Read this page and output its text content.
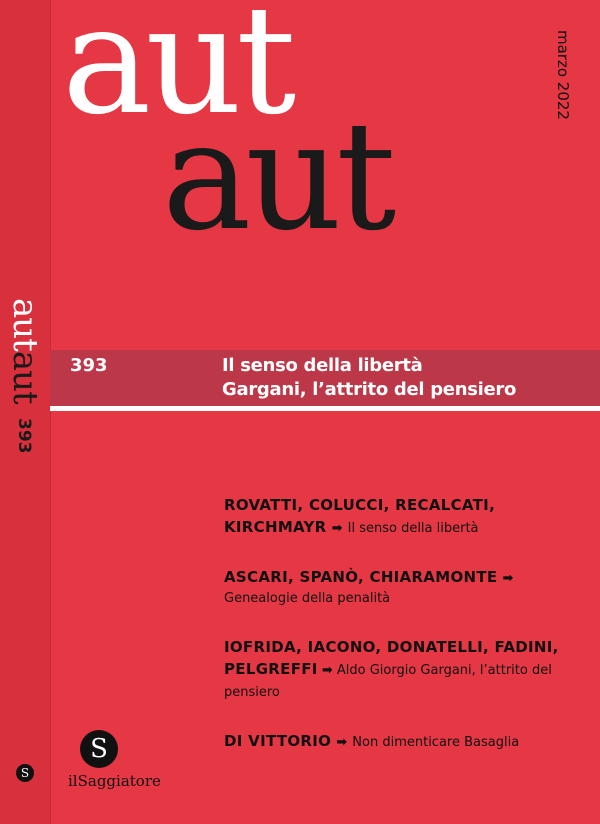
aut
aut
marzo 2022
autaut
393
S
393	Il senso della libertà
Gargani, l’attrito del pensiero
ROVATTI, COLUCCI, RECALCATI,
KIRCHMAYR ➡ Il senso della libertà
ASCARI, SPANÒ, CHIARAMONTE ➡
Genealogie della penalità
IOFRIDA, IACONO, DONATELLI, FADINI,
PELGREFFI ➡ Aldo Giorgio Gargani, l’attrito del pensiero
DI VITTORIO ➡ Non dimenticare Basaglia
S
ilSaggiatore
